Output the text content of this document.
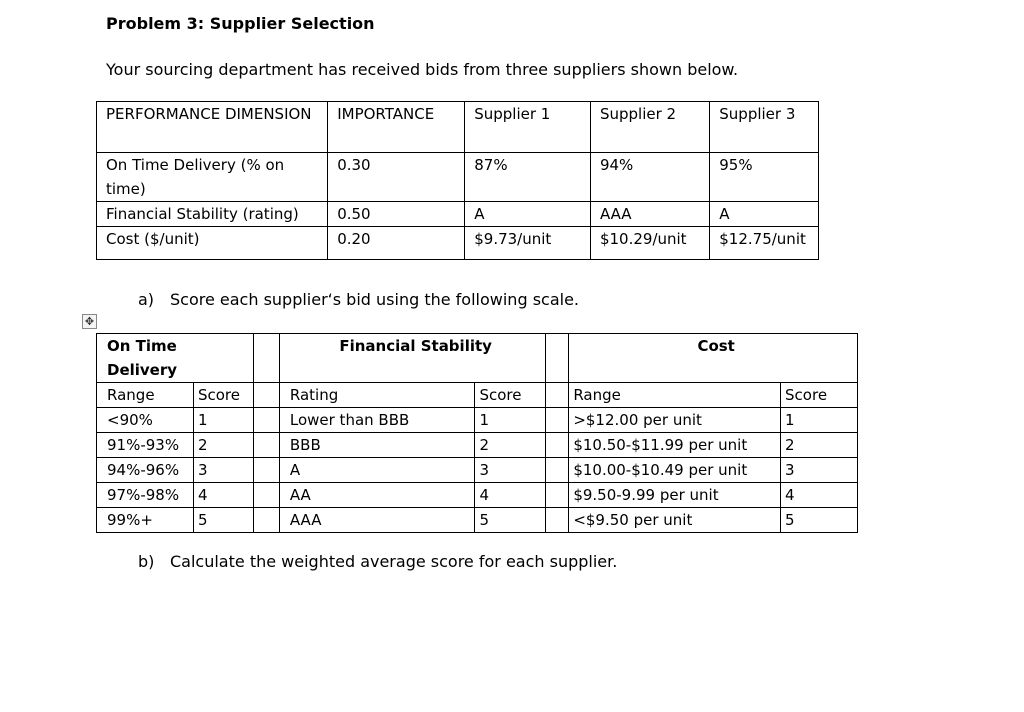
Problem 3: Supplier Selection
Your sourcing department has received bids from three suppliers shown below.
PERFORMANCE DIMENSION	IMPORTANCE	Supplier 1	Supplier 2	Supplier 3
On Time Delivery (% on time)	0.30	87%	94%	95%
Financial Stability (rating)	0.50	A	AAA	A
Cost ($/unit)	0.20	$9.73/unit	$10.29/unit	$12.75/unit
a) Score each supplier‘s bid using the following scale.
✥
On Time Delivery			Financial Stability			Cost	
Range	Score		Rating	Score		Range	Score
<90%	1		Lower than BBB	1		>$12.00 per unit	1
91%-93%	2		BBB	2		$10.50-$11.99 per unit	2
94%-96%	3		A	3		$10.00-$10.49 per unit	3
97%-98%	4		AA	4		$9.50-9.99 per unit	4
99%+	5		AAA	5		<$9.50 per unit	5
b) Calculate the weighted average score for each supplier.
